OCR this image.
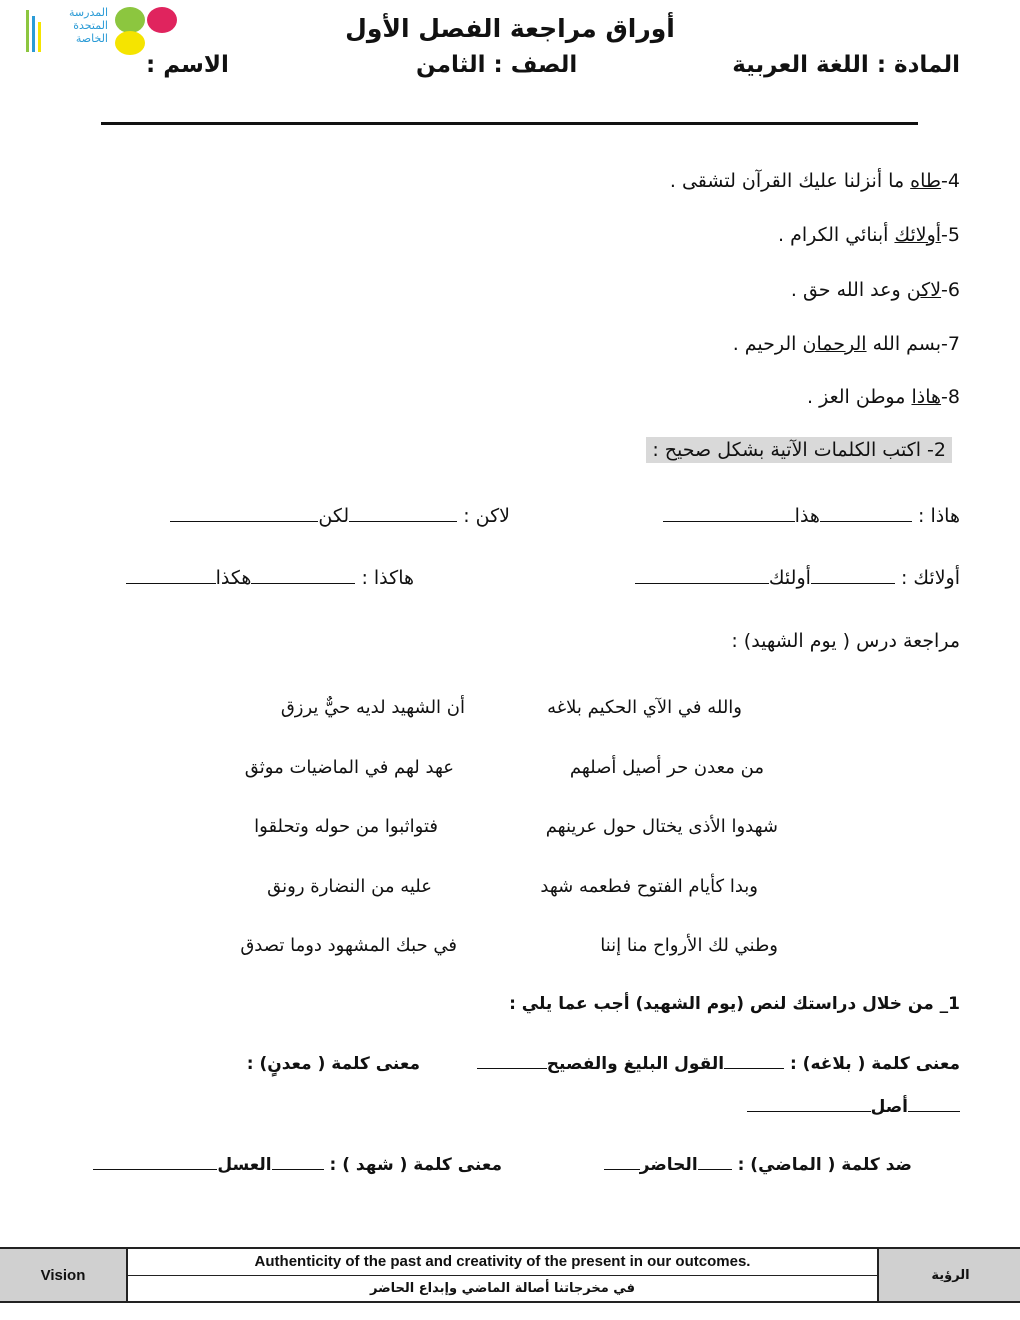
المدرسة
المتحدة
الخاصة	أوراق مراجعة الفصل الأول
المادة : اللغة العربية
الصف : الثامن
الاسم :
4-طاه ما أنزلنا عليك القرآن لتشقى .
5-أولائك أبنائي الكرام .
6-لاكن وعد الله حق .
7-بسم الله الرحمان الرحيم .
8-هاذا موطن العز .
2- اكتب الكلمات الآتية بشكل صحيح :
هاذا : هذا
لاكن : لكن
أولائك : أولئك
هاكذا : هكذا
مراجعة درس ( يوم الشهيد) :
والله في الآي الحكيم بلاغه
أن الشهيد لديه حيٌّ يرزق
من معدن حر أصيل أصلهم
عهد لهم في الماضيات موثق
شهدوا الأذى يختال حول عرينهم
فتواثبوا من حوله وتحلقوا
وبدا كأيام الفتوح فطعمه شهد
عليه من النضارة رونق
وطني لك الأرواح منا إننا
في حبك المشهود دوما تصدق
1_ من خلال دراستك لنص (يوم الشهيد) أجب عما يلي :
معنى كلمة ( بلاغه) : القول البليغ والفصيح
معنى كلمة ( معدنٍ) :
أصل
ضد كلمة ( الماضي) : الحاضر
معنى كلمة ( شهد ) : العسل
Vision
Authenticity of the past and creativity of the present in our outcomes.
في مخرجاتنا أصالة الماضي وإبداع الحاضر
الرؤية
